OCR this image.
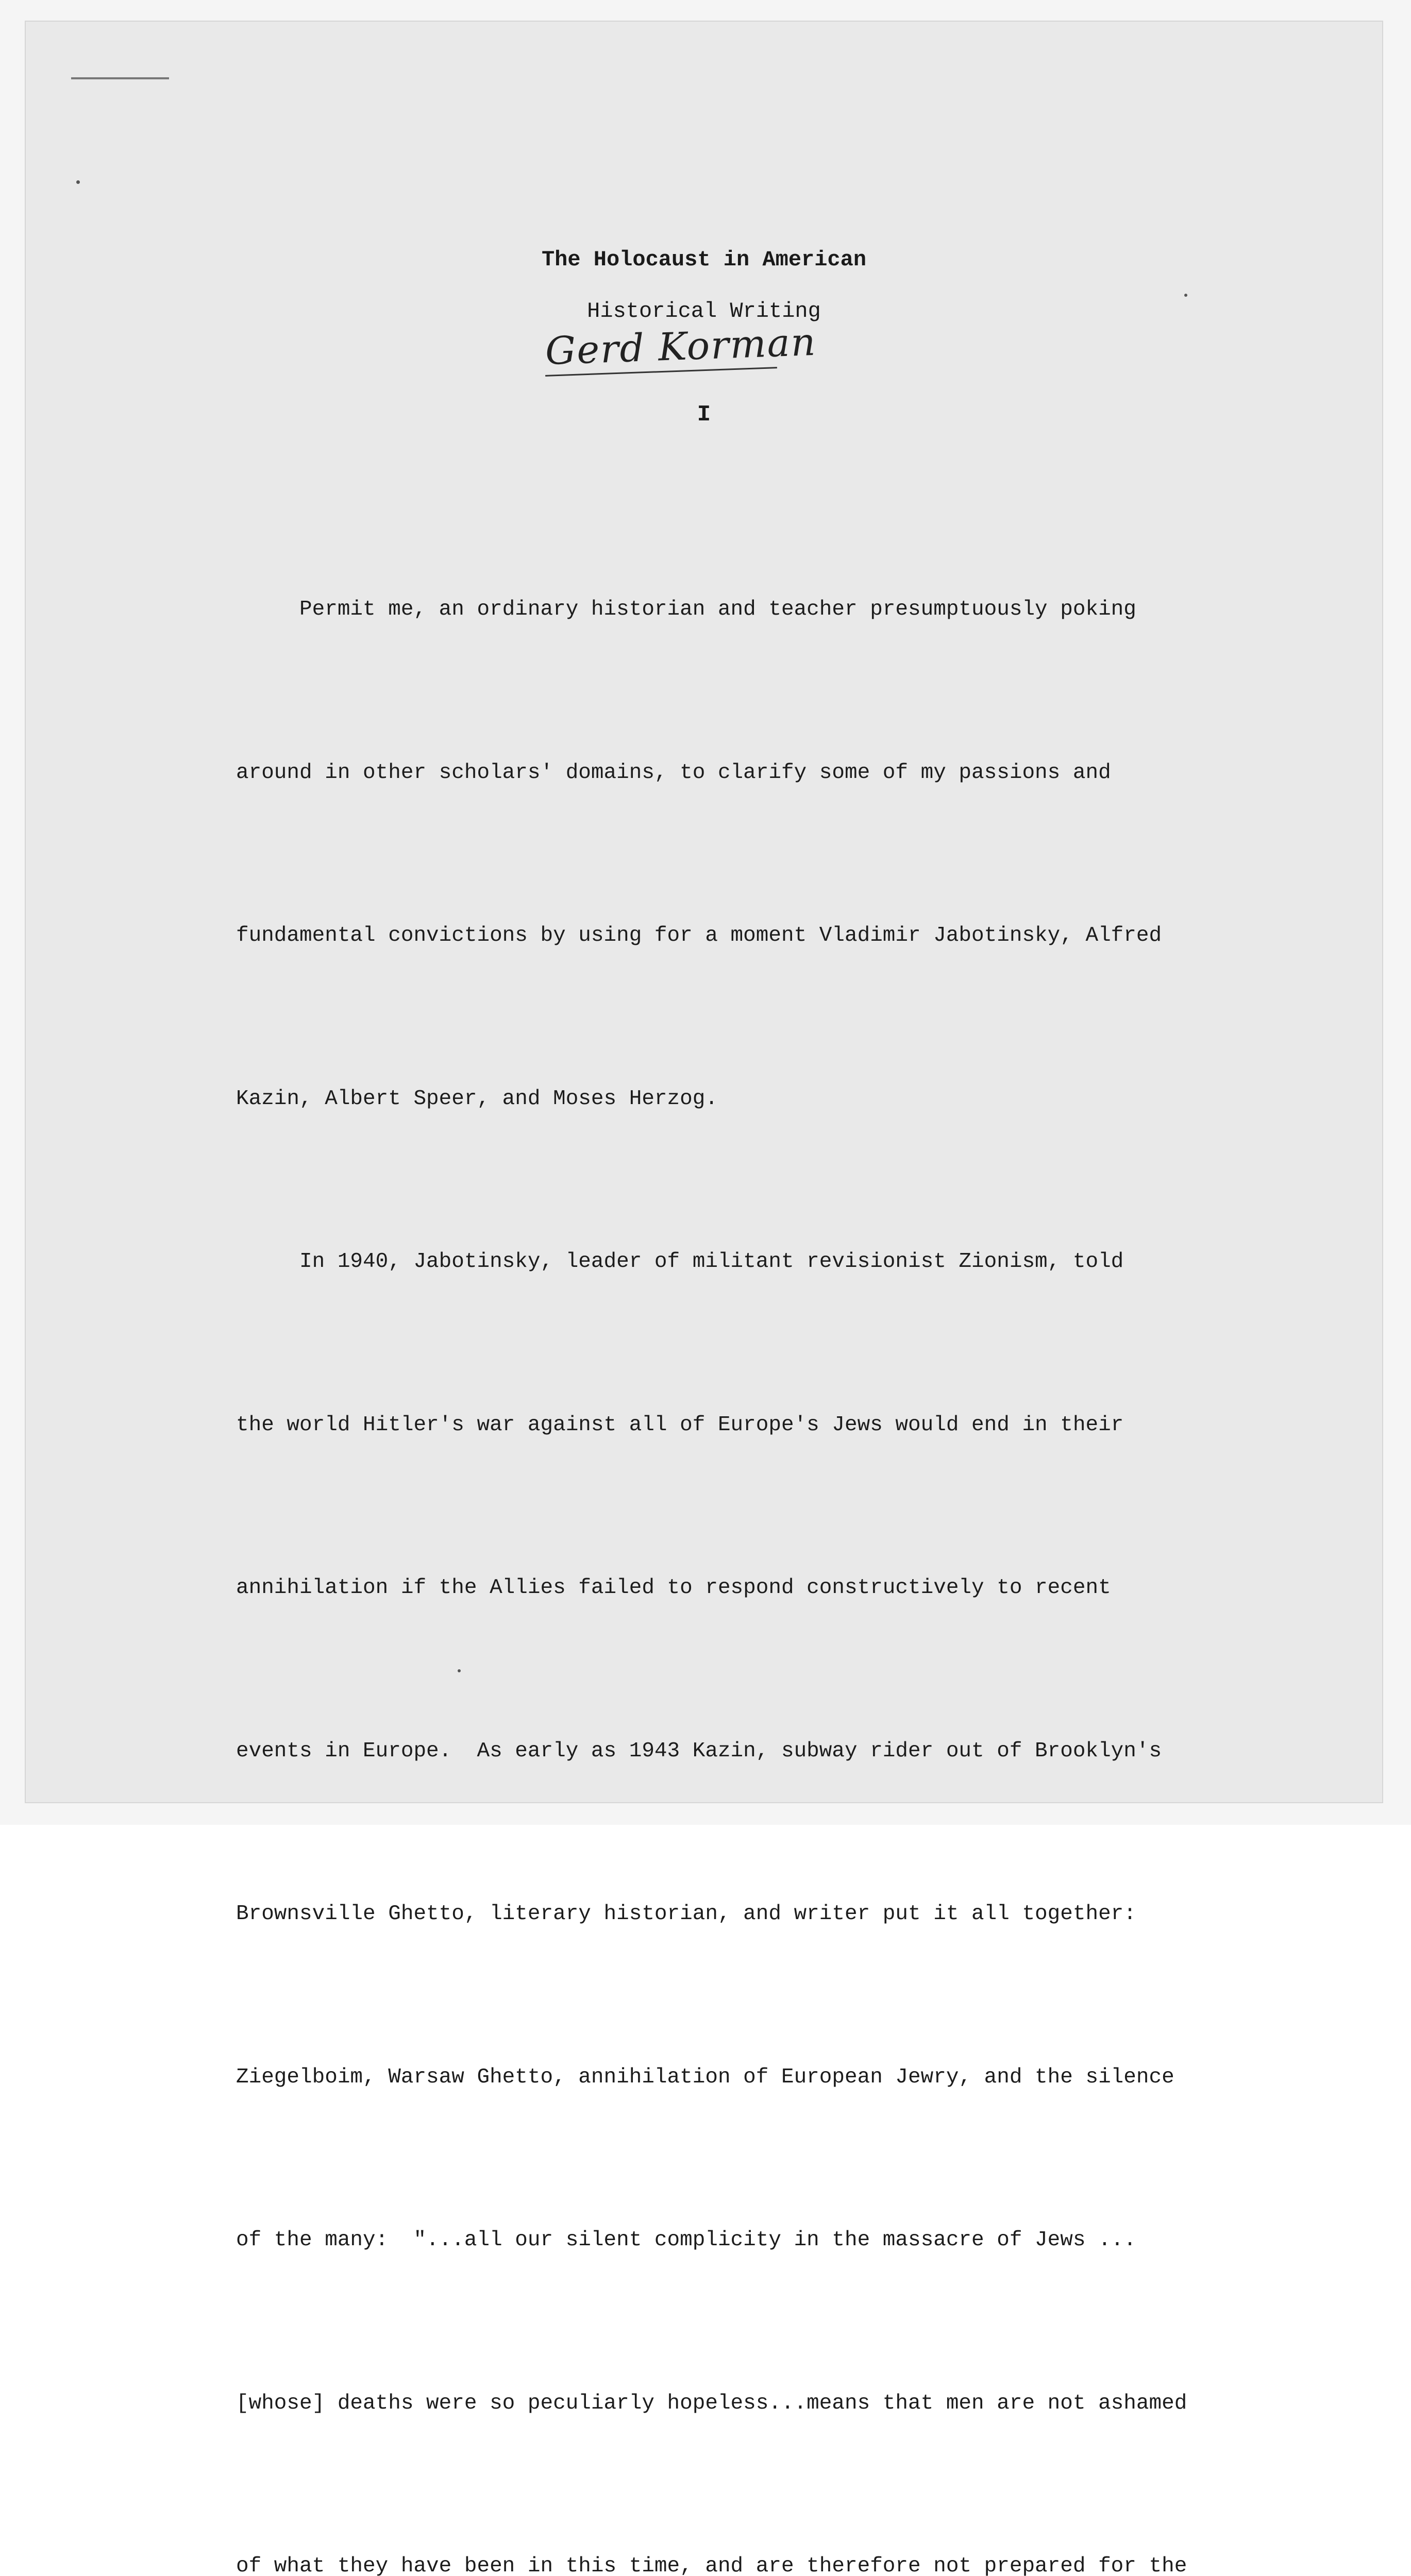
The Holocaust in American
Historical Writing
Gerd Korman
I

Permit me, an ordinary historian and teacher presumptuously poking

around in other scholars' domains, to clarify some of my passions and

fundamental convictions by using for a moment Vladimir Jabotinsky, Alfred

Kazin, Albert Speer, and Moses Herzog.

In 1940, Jabotinsky, leader of militant revisionist Zionism, told

the world Hitler's war against all of Europe's Jews would end in their

annihilation if the Allies failed to respond constructively to recent

events in Europe.  As early as 1943 Kazin, subway rider out of Brooklyn's

Brownsville Ghetto, literary historian, and writer put it all together:

Ziegelboim, Warsaw Ghetto, annihilation of European Jewry, and the silence

of the many:  "...all our silent complicity in the massacre of Jews ...

[whose] deaths were so peculiarly hopeless...means that men are not ashamed

of what they have been in this time, and are therefore not prepared for the
